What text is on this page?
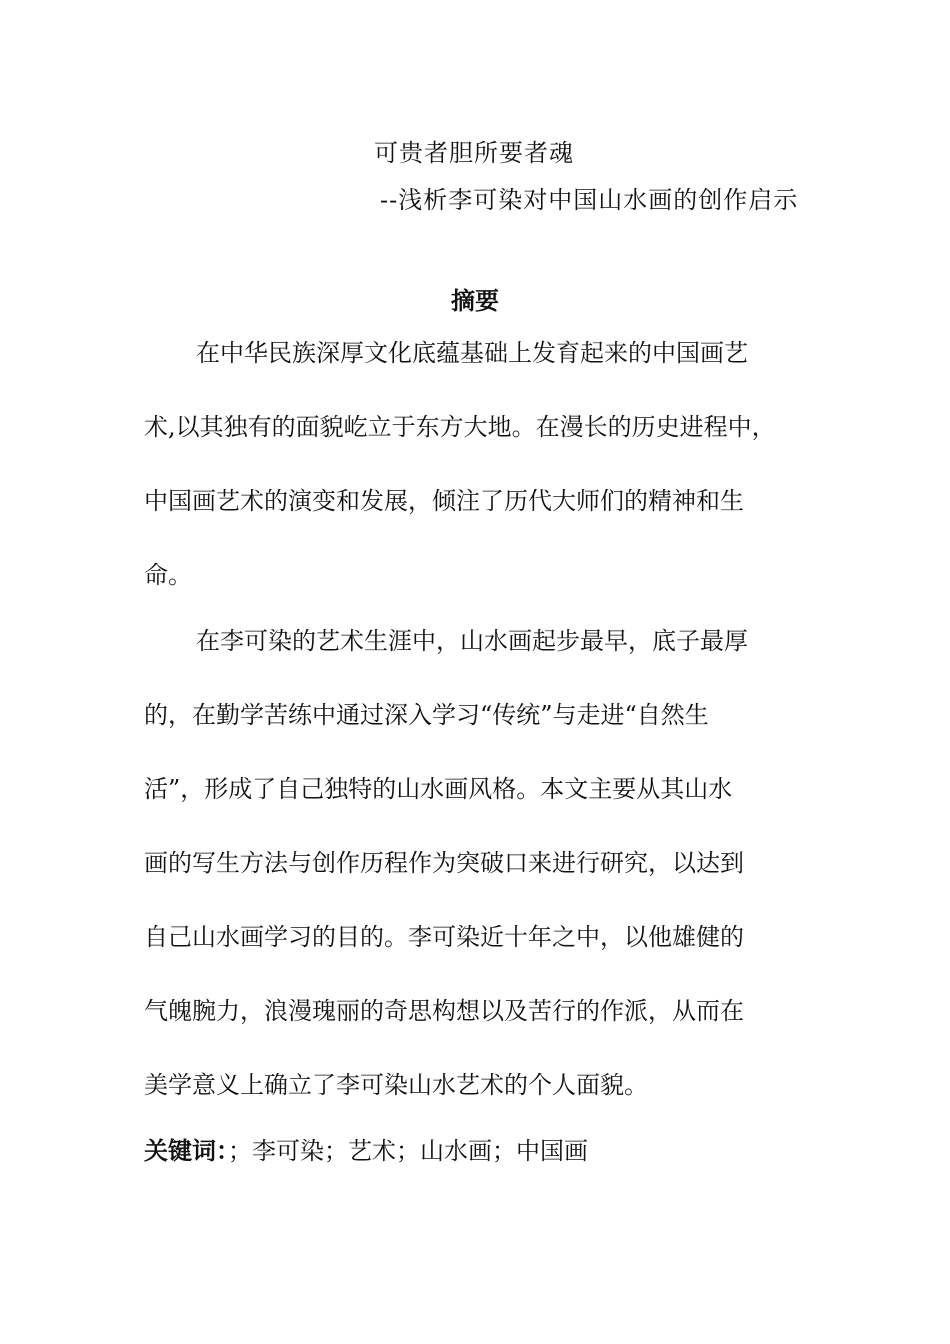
可贵者胆所要者魂
--浅析李可染对中国山水画的创作启示
摘要
在中华民族深厚文化底蕴基础上发育起来的中国画艺
术,以其独有的面貌屹立于东方大地。在漫长的历史进程中，
中国画艺术的演变和发展，倾注了历代大师们的精神和生
命。
在李可染的艺术生涯中，山水画起步最早，底子最厚
的，在勤学苦练中通过深入学习“传统”与走进“自然生
活”，形成了自己独特的山水画风格。本文主要从其山水
画的写生方法与创作历程作为突破口来进行研究，以达到
自己山水画学习的目的。李可染近十年之中，以他雄健的
气魄腕力，浪漫瑰丽的奇思构想以及苦行的作派，从而在
美学意义上确立了李可染山水艺术的个人面貌。
关键词：；李可染；艺术；山水画；中国画
